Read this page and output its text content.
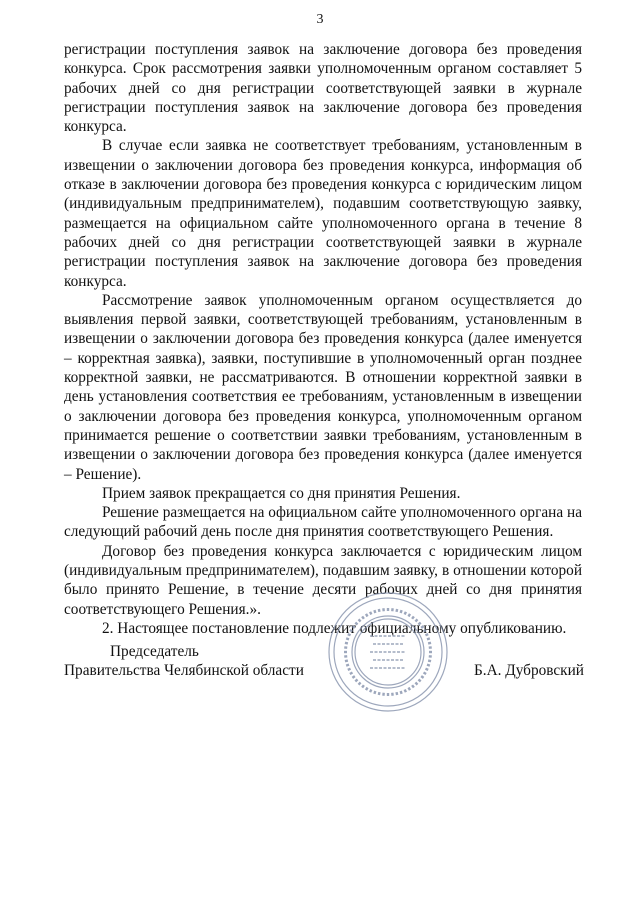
3

регистрации поступления заявок на заключение договора без проведения конкурса. Срок рассмотрения заявки уполномоченным органом составляет 5 рабочих дней со дня регистрации соответствующей заявки в журнале регистрации поступления заявок на заключение договора без проведения конкурса.

В случае если заявка не соответствует требованиям, установленным в извещении о заключении договора без проведения конкурса, информация об отказе в заключении договора без проведения конкурса с юридическим лицом (индивидуальным предпринимателем), подавшим соответствующую заявку, размещается на официальном сайте уполномоченного органа в течение 8 рабочих дней со дня регистрации соответствующей заявки в журнале регистрации поступления заявок на заключение договора без проведения конкурса.

Рассмотрение заявок уполномоченным органом осуществляется до выявления первой заявки, соответствующей требованиям, установленным в извещении о заключении договора без проведения конкурса (далее именуется – корректная заявка), заявки, поступившие в уполномоченный орган позднее корректной заявки, не рассматриваются. В отношении корректной заявки в день установления соответствия ее требованиям, установленным в извещении о заключении договора без проведения конкурса, уполномоченным органом принимается решение о соответствии заявки требованиям, установленным в извещении о заключении договора без проведения конкурса (далее именуется – Решение).

Прием заявок прекращается со дня принятия Решения.

Решение размещается на официальном сайте уполномоченного органа на следующий рабочий день после дня принятия соответствующего Решения.

Договор без проведения конкурса заключается с юридическим лицом (индивидуальным предпринимателем), подавшим заявку, в отношении которой было принято Решение, в течение десяти рабочих дней со дня принятия соответствующего Решения.».

2. Настоящее постановление подлежит официальному опубликованию.

Председатель
Правительства Челябинской области	Б.А. Дубровский
